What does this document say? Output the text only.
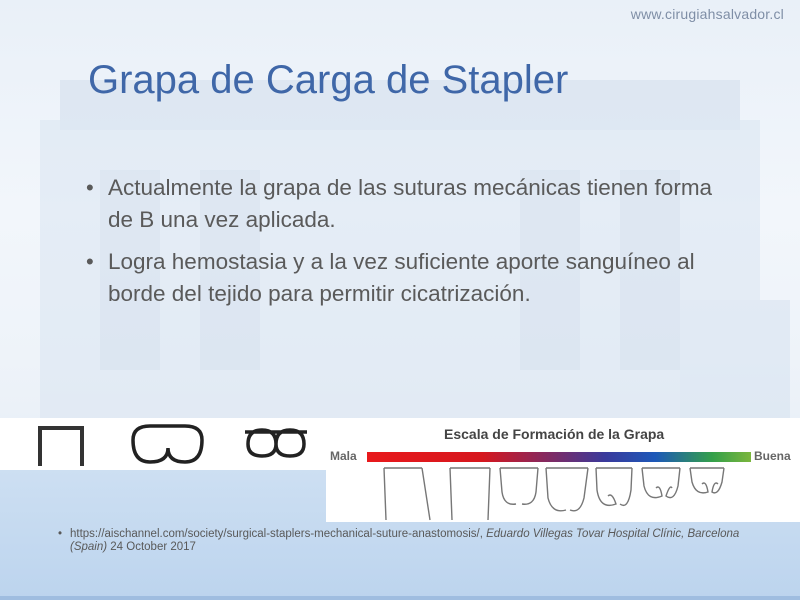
www.cirugiahsalvador.cl
Grapa de Carga de Stapler
• Actualmente la grapa de las suturas mecánicas tienen forma de B una vez aplicada.
• Logra hemostasia y a la vez suficiente aporte sanguíneo al borde del tejido para permitir cicatrización.
Escala de Formación de la Grapa
Mala	Buena
• https://aischannel.com/society/surgical-staplers-mechanical-suture-anastomosis/, Eduardo Villegas Tovar Hospital Clínic, Barcelona (Spain) 24 October 2017
